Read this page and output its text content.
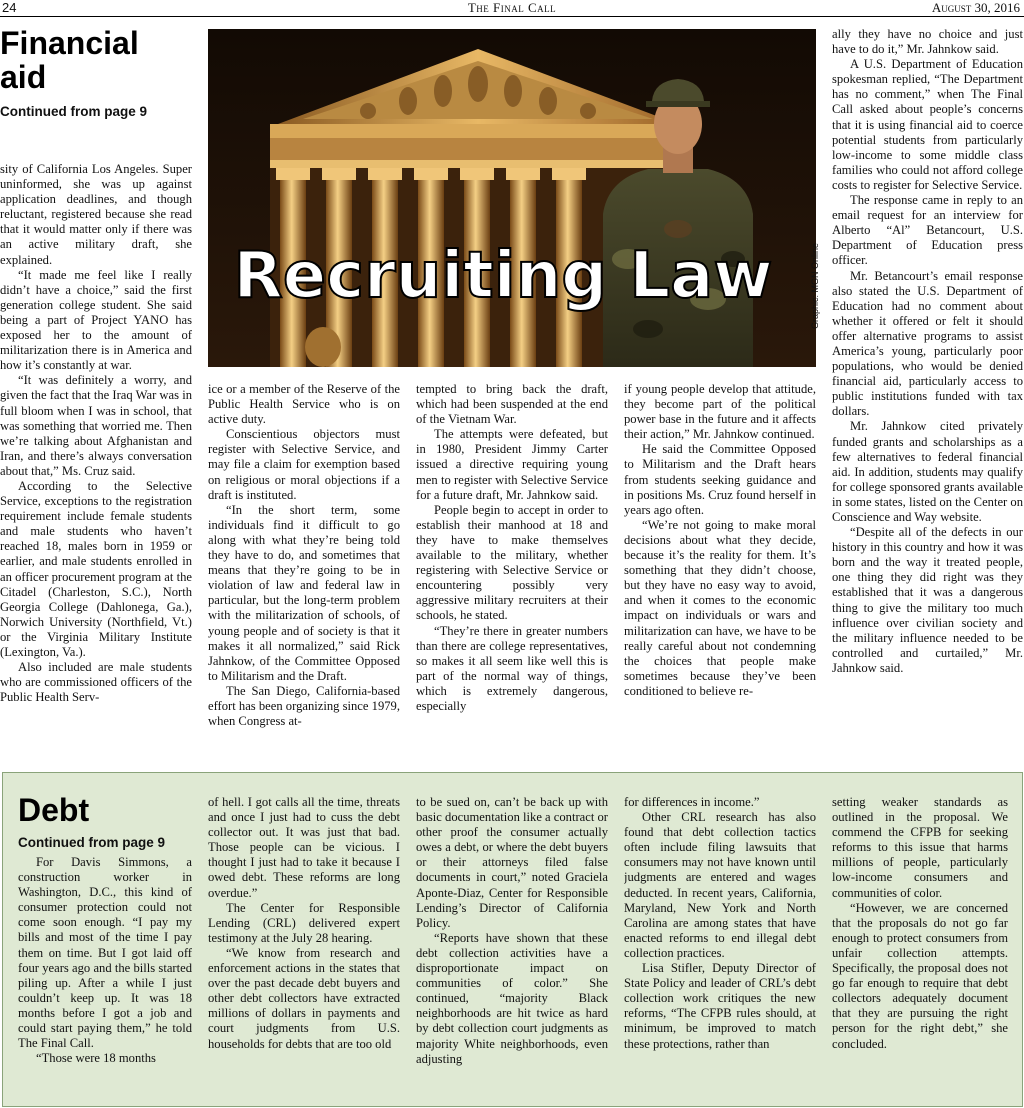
24	The Final Call	August 30, 2016
Financial
aid
Continued from page 9

sity of California Los Angeles. Super uninformed, she was up against application deadlines, and though reluctant, registered because she read that it would matter only if there was an active military draft, she explained.

“It made me feel like I really didn’t have a choice,” said the first generation college student. She said being a part of Project YANO has exposed her to the amount of militarization there is in America and how it’s constantly at war.

“It was definitely a worry, and given the fact that the Iraq War was in full bloom when I was in school, that was something that worried me. Then we’re talking about Afghanistan and Iran, and there’s always conversation about that,” Ms. Cruz said.

According to the Selective Service, exceptions to the registration requirement include female students and male students who haven’t reached 18, males born in 1959 or earlier, and male students enrolled in an officer procurement program at the Citadel (Charleston, S.C.), North Georgia College (Dahlonega, Ga.), Norwich University (Northfield, Vt.) or the Virginia Military Institute (Lexington, Va.).

Also included are male students who are commissioned officers of the Public Health Serv-

Recruiting Law	Graphic: MGN Online

ice or a member of the Reserve of the Public Health Service who is on active duty.

Conscientious objectors must register with Selective Service, and may file a claim for exemption based on religious or moral objections if a draft is instituted.

“In the short term, some individuals find it difficult to go along with what they’re being told they have to do, and sometimes that means that they’re going to be in violation of law and federal law in particular, but the long-term problem with the militarization of schools, of young people and of society is that it makes it all normalized,” said Rick Jahnkow, of the Committee Opposed to Militarism and the Draft.

The San Diego, California-based effort has been organizing since 1979, when Congress at-

tempted to bring back the draft, which had been suspended at the end of the Vietnam War.

The attempts were defeated, but in 1980, President Jimmy Carter issued a directive requiring young men to register with Selective Service for a future draft, Mr. Jahnkow said.

People begin to accept in order to establish their manhood at 18 and they have to make themselves available to the military, whether registering with Selective Service or encountering possibly very aggressive military recruiters at their schools, he stated.

“They’re there in greater numbers than there are college representatives, so makes it all seem like well this is part of the normal way of things, which is extremely dangerous, especially

if young people develop that attitude, they become part of the political power base in the future and it affects their action,” Mr. Jahnkow continued.

He said the Committee Opposed to Militarism and the Draft hears from students seeking guidance and in positions Ms. Cruz found herself in years ago often.

“We’re not going to make moral decisions about what they decide, because it’s the reality for them. It’s something that they didn’t choose, but they have no easy way to avoid, and when it comes to the economic impact on individuals or wars and militarization can have, we have to be really careful about not condemning the choices that people make sometimes because they’ve been conditioned to believe re-

ally they have no choice and just have to do it,” Mr. Jahnkow said.

A U.S. Department of Education spokesman replied, “The Department has no comment,” when The Final Call asked about people’s concerns that it is using financial aid to coerce potential students from particularly low-income to some middle class families who could not afford college costs to register for Selective Service.

The response came in reply to an email request for an interview for Alberto “Al” Betancourt, U.S. Department of Education press officer.

Mr. Betancourt’s email response also stated the U.S. Department of Education had no comment about whether it offered or felt it should offer alternative programs to assist America’s young, particularly poor populations, who would be denied financial aid, particularly access to public institutions funded with tax dollars.

Mr. Jahnkow cited privately funded grants and scholarships as a few alternatives to federal financial aid. In addition, students may qualify for college sponsored grants available in some states, listed on the Center on Conscience and Way website.

“Despite all of the defects in our history in this country and how it was born and the way it treated people, one thing they did right was they established that it was a dangerous thing to give the military too much influence over civilian society and the military influence needed to be controlled and curtailed,” Mr. Jahnkow said.

Debt
Continued from page 9

For Davis Simmons, a construction worker in Washington, D.C., this kind of consumer protection could not come soon enough. “I pay my bills and most of the time I pay them on time. But I got laid off four years ago and the bills started piling up. After a while I just couldn’t keep up. It was 18 months before I got a job and could start paying them,” he told The Final Call.

“Those were 18 months

of hell. I got calls all the time, threats and once I just had to cuss the debt collector out. It was just that bad. Those people can be vicious. I thought I just had to take it because I owed debt. These reforms are long overdue.”

The Center for Responsible Lending (CRL) delivered expert testimony at the July 28 hearing.

“We know from research and enforcement actions in the states that over the past decade debt buyers and other debt collectors have extracted millions of dollars in payments and court judgments from U.S. households for debts that are too old

to be sued on, can’t be back up with basic documentation like a contract or other proof the consumer actually owes a debt, or where the debt buyers or their attorneys filed false documents in court,” noted Graciela Aponte-Diaz, Center for Responsible Lending’s Director of California Policy.

“Reports have shown that these debt collection activities have a disproportionate impact on communities of color.” She continued, “majority Black neighborhoods are hit twice as hard by debt collection court judgments as majority White neighborhoods, even adjusting

for differences in income.”

Other CRL research has also found that debt collection tactics often include filing lawsuits that consumers may not have known until judgments are entered and wages deducted. In recent years, California, Maryland, New York and North Carolina are among states that have enacted reforms to end illegal debt collection practices.

Lisa Stifler, Deputy Director of State Policy and leader of CRL’s debt collection work critiques the new reforms, “The CFPB rules should, at minimum, be improved to match these protections, rather than

setting weaker standards as outlined in the proposal. We commend the CFPB for seeking reforms to this issue that harms millions of people, particularly low-income consumers and communities of color.

“However, we are concerned that the proposals do not go far enough to protect consumers from unfair collection attempts. Specifically, the proposal does not go far enough to require that debt collectors adequately document that they are pursuing the right person for the right debt,” she concluded.
